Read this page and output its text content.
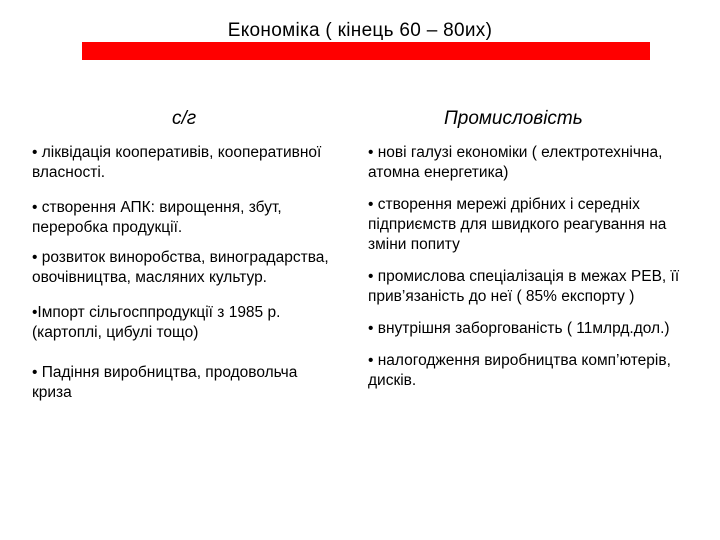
Економіка ( кінець 60 – 80их)
с/г	Промисловість

• ліквідація кооперативів, кооперативної власності.

• створення АПК: вирощення, збут, переробка продукції.

• розвиток виноробства, виноградарства, овочівництва, масляних культур.

•Імпорт сільгосппродукції з 1985 р. (картоплі, цибулі тощо)

• Падіння виробництва, продовольча криза

• нові галузі економіки ( електротехнічна, атомна енергетика)

• створення мережі дрібних і середніх підприємств для швидкого реагування на зміни попиту

• промислова спеціалізація в межах РЕВ, її прив’язаність до неї ( 85% експорту )

• внутрішня заборгованість ( 11млрд.дол.)

• налогодження виробництва комп’ютерів, дисків.
